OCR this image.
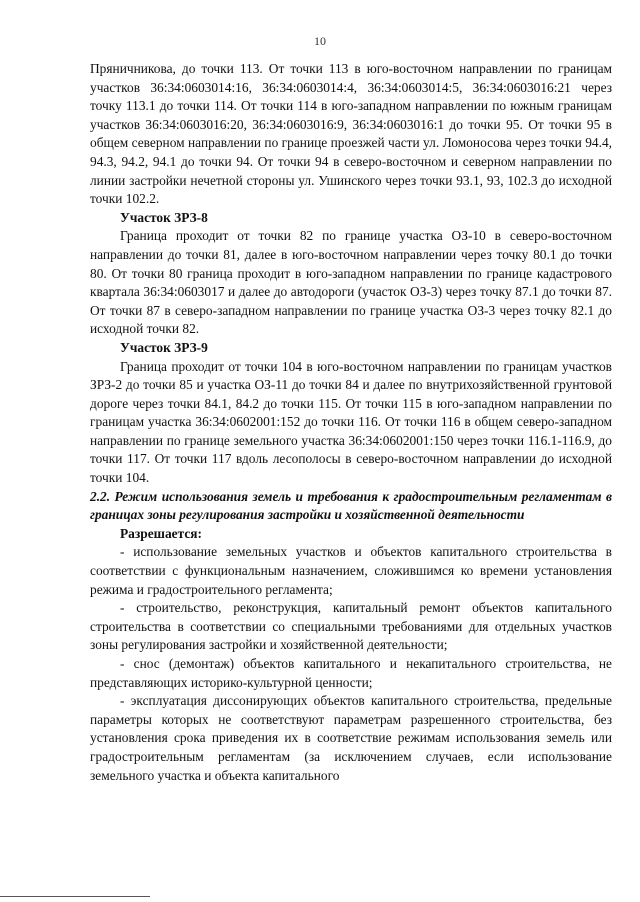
10

Пряничникова, до точки 113. От точки 113 в юго-восточном направлении по границам участков 36:34:0603014:16, 36:34:0603014:4, 36:34:0603014:5, 36:34:0603016:21 через точку 113.1 до точки 114. От точки 114 в юго-западном направлении по южным границам участков 36:34:0603016:20, 36:34:0603016:9, 36:34:0603016:1 до точки 95. От точки 95 в общем северном направлении по границе проезжей части ул. Ломоносова через точки 94.4, 94.3, 94.2, 94.1 до точки 94. От точки 94 в северо-восточном и северном направлении по линии застройки нечетной стороны ул. Ушинского через точки 93.1, 93, 102.3 до исходной точки 102.2.

Участок ЗРЗ-8

Граница проходит от точки 82 по границе участка ОЗ-10 в северо-восточном направлении до точки 81, далее в юго-восточном направлении через точку 80.1 до точки 80. От точки 80 граница проходит в юго-западном направлении по границе кадастрового квартала 36:34:0603017 и далее до автодороги (участок ОЗ-3) через точку 87.1 до точки 87. От точки 87 в северо-западном направлении по границе участка ОЗ-3 через точку 82.1 до исходной точки 82.

Участок ЗРЗ-9

Граница проходит от точки 104 в юго-восточном направлении по границам участков ЗРЗ-2 до точки 85 и участка ОЗ-11 до точки 84 и далее по внутрихозяйственной грунтовой дороге через точки 84.1, 84.2 до точки 115. От точки 115 в юго-западном направлении по границам участка 36:34:0602001:152 до точки 116. От точки 116 в общем северо-западном направлении по границе земельного участка 36:34:0602001:150 через точки 116.1-116.9, до точки 117. От точки 117 вдоль лесополосы в северо-восточном направлении до исходной точки 104.

2.2. Режим использования земель и требования к градостроительным регламентам в границах зоны регулирования застройки и хозяйственной деятельности

Разрешается:

- использование земельных участков и объектов капитального строительства в соответствии с функциональным назначением, сложившимся ко времени установления режима и градостроительного регламента;

- строительство, реконструкция, капитальный ремонт объектов капитального строительства в соответствии со специальными требованиями для отдельных участков зоны регулирования застройки и хозяйственной деятельности;

- снос (демонтаж) объектов капитального и некапитального строительства, не представляющих историко-культурной ценности;

- эксплуатация диссонирующих объектов капитального строительства, предельные параметры которых не соответствуют параметрам разрешенного строительства, без установления срока приведения их в соответствие режимам использования земель или градостроительным регламентам (за исключением случаев, если использование земельного участка и объекта капитального
